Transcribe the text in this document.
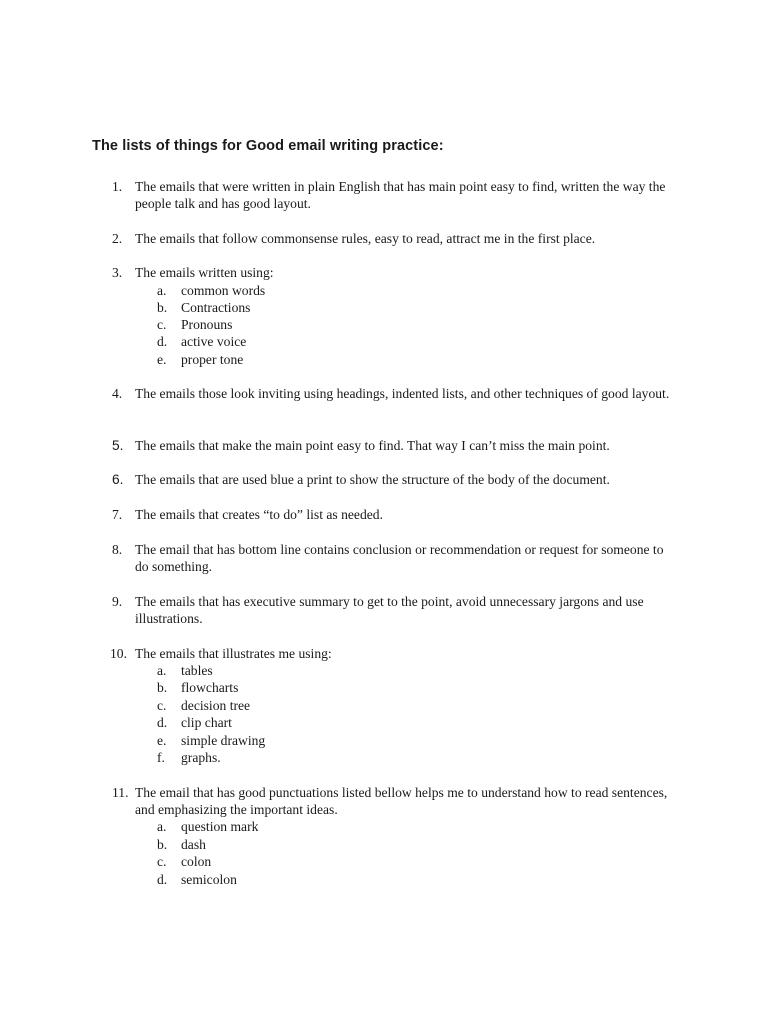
The lists of things for Good email writing practice:
1. The emails that were written in plain English that has main point easy to find, written the way the people talk and has good layout.
2. The emails that follow commonsense rules, easy to read, attract me in the first place.
3. The emails written using:
a. common words
b. Contractions
c. Pronouns
d. active voice
e. proper tone
4. The emails those look inviting using headings, indented lists, and other techniques of good layout.
5. The emails that make the main point easy to find. That way I can’t miss the main point.
6. The emails that are used blue a print to show the structure of the body of the document.
7. The emails that creates “to do” list as needed.
8. The email that has bottom line contains conclusion or recommendation or request for someone to do something.
9. The emails that has executive summary to get to the point, avoid unnecessary jargons and use illustrations.
10. The emails that illustrates me using:
a. tables
b. flowcharts
c. decision tree
d. clip chart
e. simple drawing
f. graphs.
11. The email that has good punctuations listed bellow helps me to understand how to read sentences, and emphasizing the important ideas.
a. question mark
b. dash
c. colon
d. semicolon
